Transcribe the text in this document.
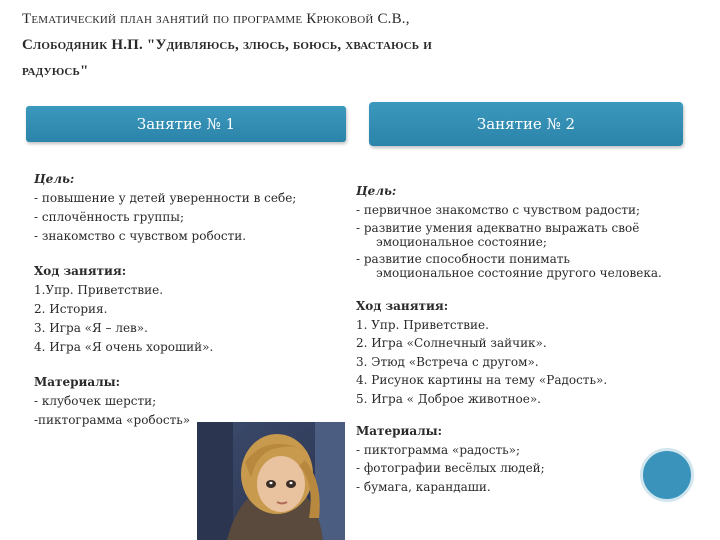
Тематический план занятий по программе Крюковой С.В.,
Слободяник Н.П. "Удивляюсь, злюсь, боюсь, хвастаюсь и
радуюсь"
Занятие № 1	Занятие № 2
Цель:
- повышение у детей уверенности в себе;
- сплочённость группы;
- знакомство с чувством робости.
Ход занятия:
1.Упр. Приветствие.
2. История.
3. Игра «Я – лев».
4. Игра «Я очень хороший».
Материалы:
- клубочек шерсти;
-пиктограмма «робость»
Цель:
- первичное знакомство с чувством радости;
- развитие умения адекватно выражать своё эмоциональное состояние;
- развитие способности понимать эмоциональное состояние другого человека.
Ход занятия:
1. Упр. Приветствие.
2. Игра «Солнечный зайчик».
3. Этюд «Встреча с другом».
4. Рисунок картины на тему «Радость».
5. Игра « Доброе животное».
Материалы:
- пиктограмма «радость»;
- фотографии весёлых людей;
- бумага, карандаши.
